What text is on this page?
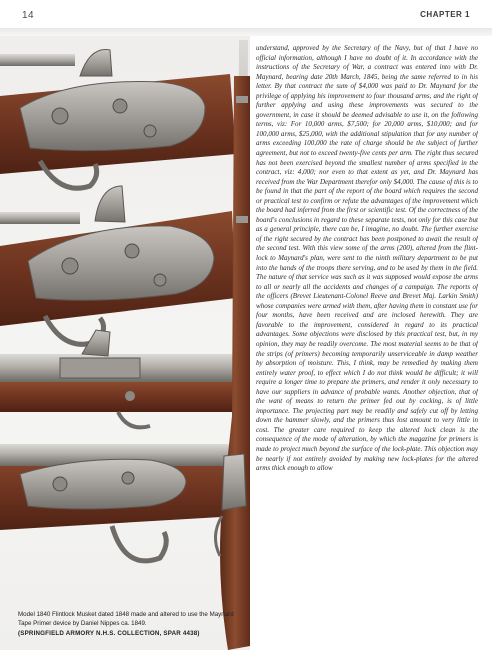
14	CHAPTER 1
Model 1840 Flintlock Musket dated 1848 made and altered to use the Maynard Tape Primer device by Daniel Nippes ca. 1849.
(SPRINGFIELD ARMORY N.H.S. COLLECTION, SPAR 4438)

understand, approved by the Secretary of the Navy, but of that I have no official information, although I have no doubt of it. In accordance with the instructions of the Secretary of War, a contract was entered into with Dr. Maynard, bearing date 20th March, 1845, being the same referred to in his letter. By that contract the sum of $4,000 was paid to Dr. Maynard for the privilege of applying his improvement to four thousand arms, and the right of further applying and using these improvements was secured to the government, in case it should be deemed advisable to use it, on the following terms, viz: For 10,000 arms, $7,500; for 20,000 arms, $10,000; and for 100,000 arms, $25,000, with the additional stipulation that for any number of arms exceeding 100,000 the rate of charge should be the subject of further agreement, but not to exceed twenty-five cents per arm. The right thus secured has not been exercised beyond the smallest number of arms specified in the contract, viz: 4,000; nor even to that extent as yet, and Dr. Maynard has received from the War Department therefor only $4,000. The cause of this is to be found in that the part of the report of the board which requires the second or practical test to confirm or refute the advantages of the improvement which the board had inferred from the first or scientific test. Of the correctness of the board's conclusions in regard to these separate tests, not only for this case but as a general principle, there can be, I imagine, no doubt. The further exercise of the right secured by the contract has been postponed to await the result of the second test. With this view some of the arms (200), altered from the flint-lock to Maynard's plan, were sent to the ninth military department to be put into the hands of the troops there serving, and to be used by them in the field. The nature of that service was such as it was supposed would expose the arms to all or nearly all the accidents and changes of a campaign. The reports of the officers (Brevet Lieutenant-Colonel Reeve and Brevet Maj. Larkin Smith) whose companies were armed with them, after having them in constant use for four months, have been received and are inclosed herewith. They are favorable to the improvement, considered in regard to its practical advantages. Some objections were disclosed by this practical test, but, in my opinion, they may be readily overcome. The most material seems to be that of the strips (of primers) becoming temporarily unserviceable in damp weather by absorption of moisture. This, I think, may be remedied by making them entirely water proof, to effect which I do not think would be difficult; it will require a longer time to prepare the primers, and render it only necessary to have our suppliers in advance of probable wants. Another objection, that of the want of means to return the primer fed out by cocking, is of little importance. The projecting part may be readily and safely cut off by letting down the hammer slowly, and the primers thus lost amount to very little in cost. The greater care required to keep the altered lock clean is the consequence of the mode of alteration, by which the magazine for primers is made to project much beyond the surface of the lock-plate. This objection may be nearly if not entirely avoided by making new lock-plates for the altered arms thick enough to allow
